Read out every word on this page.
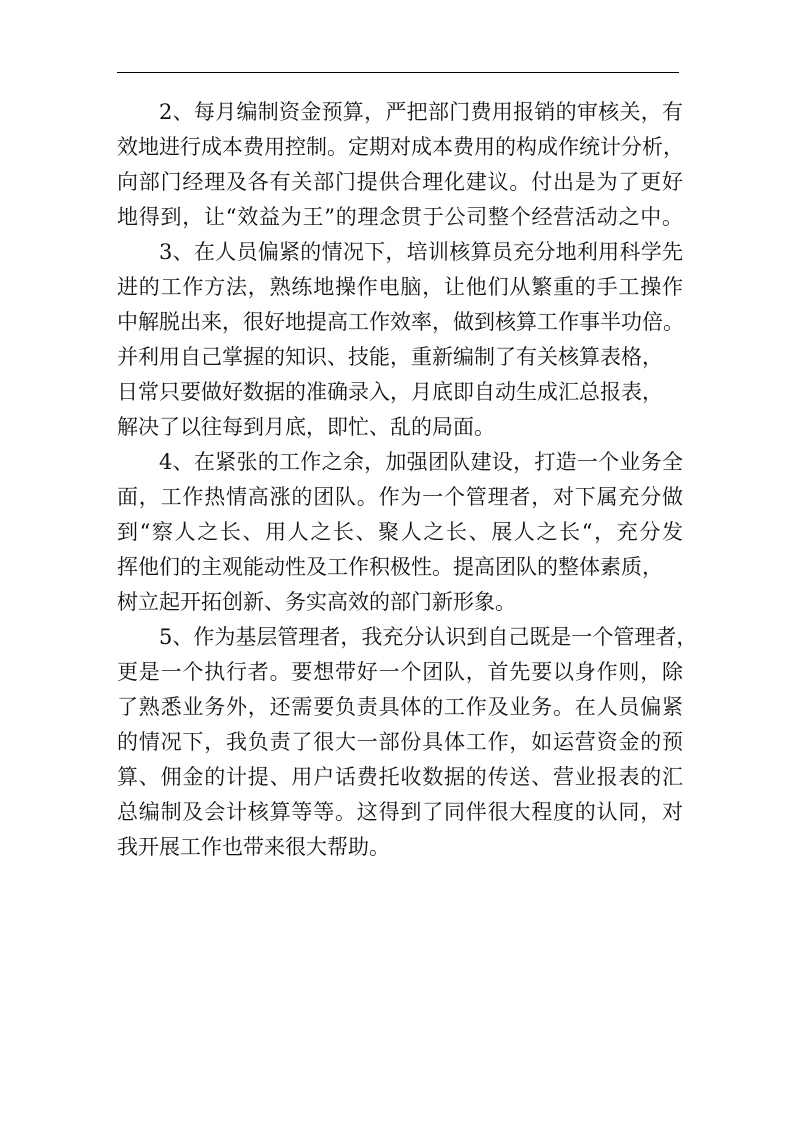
2、每月编制资金预算，严把部门费用报销的审核关，有
效地进行成本费用控制。定期对成本费用的构成作统计分析，
向部门经理及各有关部门提供合理化建议。付出是为了更好
地得到，让“效益为王”的理念贯于公司整个经营活动之中。
3、在人员偏紧的情况下，培训核算员充分地利用科学先
进的工作方法，熟练地操作电脑，让他们从繁重的手工操作
中解脱出来，很好地提高工作效率，做到核算工作事半功倍。
并利用自己掌握的知识、技能，重新编制了有关核算表格，
日常只要做好数据的准确录入，月底即自动生成汇总报表，
解决了以往每到月底，即忙、乱的局面。
4、在紧张的工作之余，加强团队建设，打造一个业务全
面，工作热情高涨的团队。作为一个管理者，对下属充分做
到“察人之长、用人之长、聚人之长、展人之长“，充分发
挥他们的主观能动性及工作积极性。提高团队的整体素质，
树立起开拓创新、务实高效的部门新形象。
5、作为基层管理者，我充分认识到自己既是一个管理者，
更是一个执行者。要想带好一个团队，首先要以身作则，除
了熟悉业务外，还需要负责具体的工作及业务。在人员偏紧
的情况下，我负责了很大一部份具体工作，如运营资金的预
算、佣金的计提、用户话费托收数据的传送、营业报表的汇
总编制及会计核算等等。这得到了同伴很大程度的认同，对
我开展工作也带来很大帮助。
